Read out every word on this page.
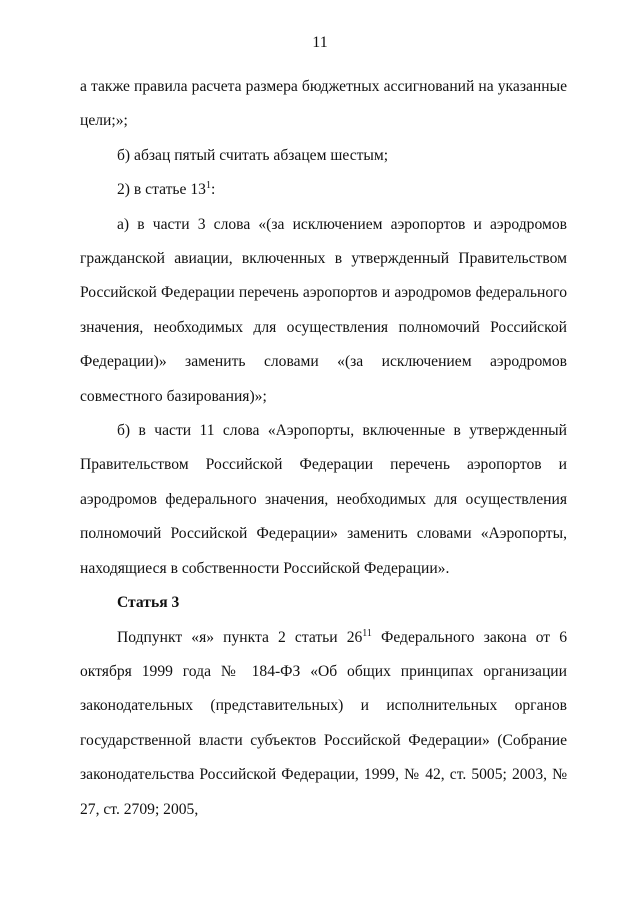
11

а также правила расчета размера бюджетных ассигнований на указанные цели;»;

б) абзац пятый считать абзацем шестым;

2) в статье $13^1$:

а) в части 3 слова «(за исключением аэропортов и аэродромов гражданской авиации, включенных в утвержденный Правительством Российской Федерации перечень аэропортов и аэродромов федерального значения, необходимых для осуществления полномочий Российской Федерации)» заменить словами «(за исключением аэродромов совместного базирования)»;

б) в части 11 слова «Аэропорты, включенные в утвержденный Правительством Российской Федерации перечень аэропортов и аэродромов федерального значения, необходимых для осуществления полномочий Российской Федерации» заменить словами «Аэропорты, находящиеся в собственности Российской Федерации».

Статья 3

Подпункт «я» пункта 2 статьи $26^{11}$ Федерального закона от 6 октября 1999 года № 184-ФЗ «Об общих принципах организации законодательных (представительных) и исполнительных органов государственной власти субъектов Российской Федерации» (Собрание законодательства Российской Федерации, 1999, № 42, ст. 5005; 2003, № 27, ст. 2709; 2005,
